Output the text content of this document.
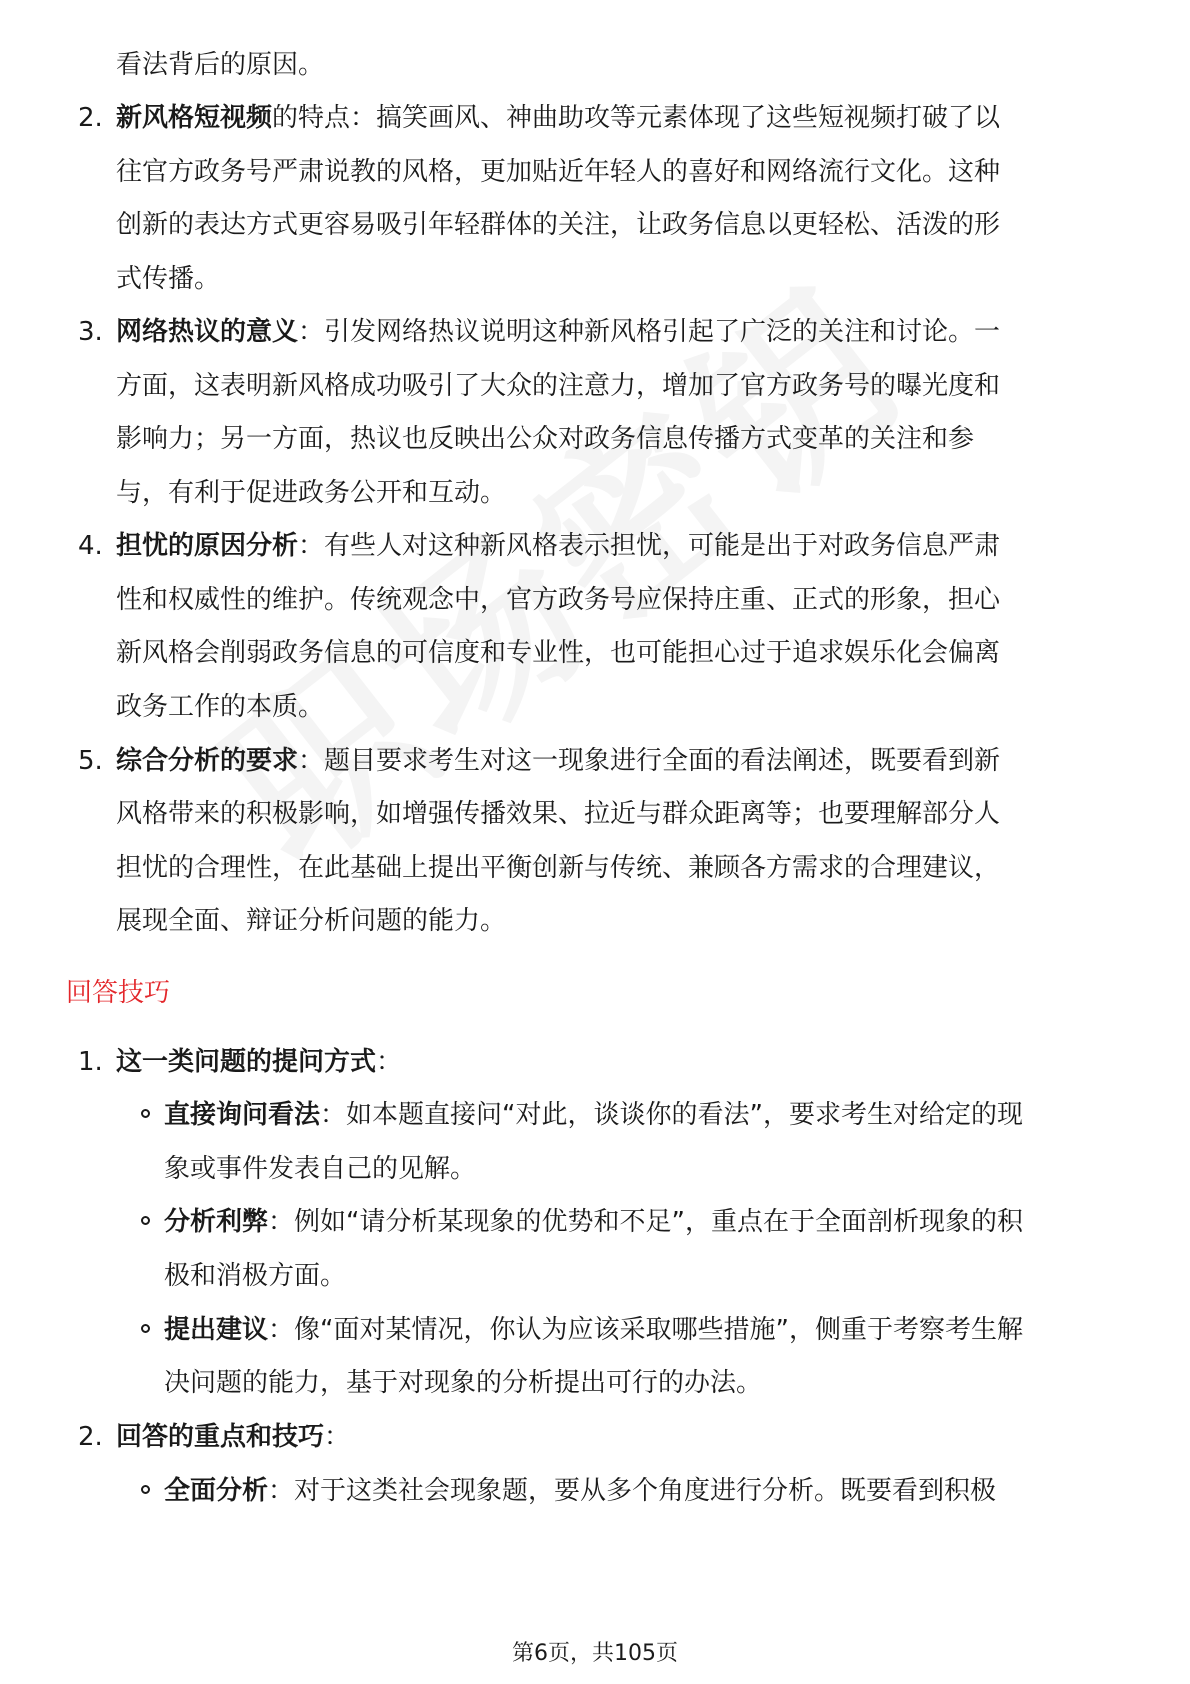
看法背后的原因。
2. 新风格短视频的特点：搞笑画风、神曲助攻等元素体现了这些短视频打破了以
往官方政务号严肃说教的风格，更加贴近年轻人的喜好和网络流行文化。这种
创新的表达方式更容易吸引年轻群体的关注，让政务信息以更轻松、活泼的形
式传播。
3. 网络热议的意义：引发网络热议说明这种新风格引起了广泛的关注和讨论。一
方面，这表明新风格成功吸引了大众的注意力，增加了官方政务号的曝光度和
影响力；另一方面，热议也反映出公众对政务信息传播方式变革的关注和参
与，有利于促进政务公开和互动。
4. 担忧的原因分析：有些人对这种新风格表示担忧，可能是出于对政务信息严肃
性和权威性的维护。传统观念中，官方政务号应保持庄重、正式的形象，担心
新风格会削弱政务信息的可信度和专业性，也可能担心过于追求娱乐化会偏离
政务工作的本质。
5. 综合分析的要求：题目要求考生对这一现象进行全面的看法阐述，既要看到新
风格带来的积极影响，如增强传播效果、拉近与群众距离等；也要理解部分人
担忧的合理性，在此基础上提出平衡创新与传统、兼顾各方需求的合理建议，
展现全面、辩证分析问题的能力。
回答技巧
1. 这一类问题的提问方式：
直接询问看法：如本题直接问“对此，谈谈你的看法”，要求考生对给定的现
象或事件发表自己的见解。
分析利弊：例如“请分析某现象的优势和不足”，重点在于全面剖析现象的积
极和消极方面。
提出建议：像“面对某情况，你认为应该采取哪些措施”，侧重于考察考生解
决问题的能力，基于对现象的分析提出可行的办法。
2. 回答的重点和技巧：
全面分析：对于这类社会现象题，要从多个角度进行分析。既要看到积极
第6页，共105页
